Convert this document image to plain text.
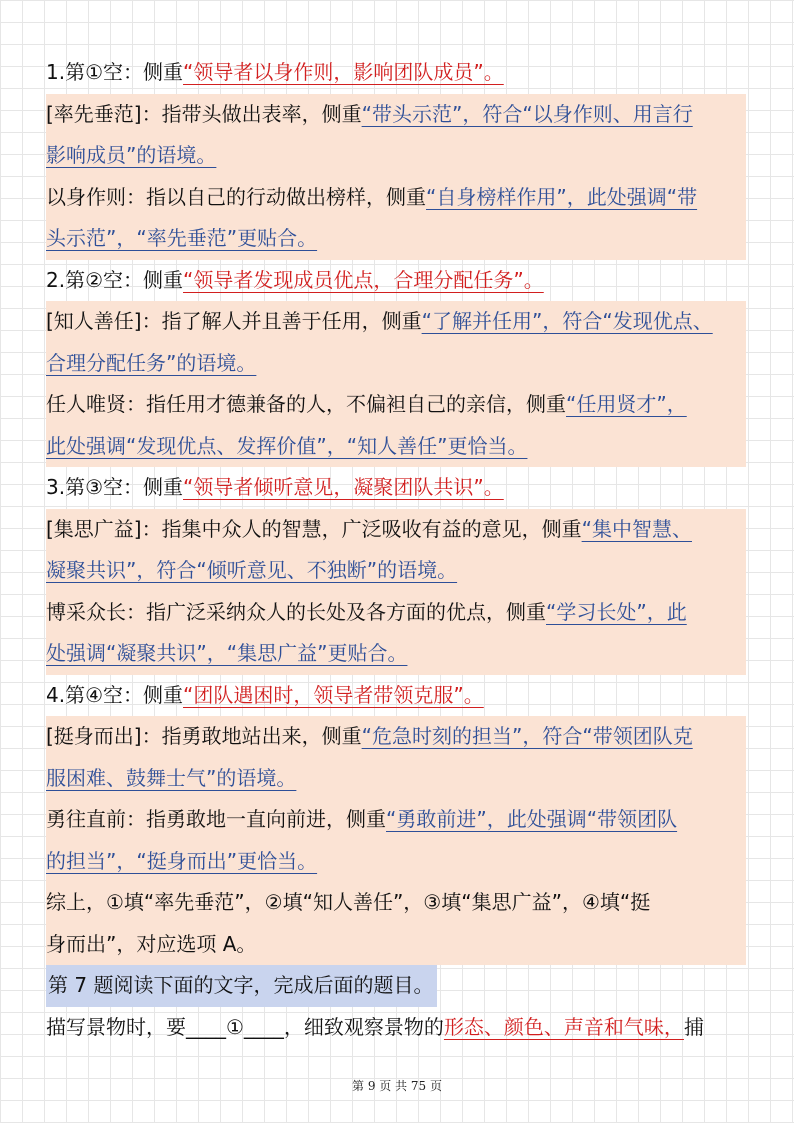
1.第①空：侧重“领导者以身作则，影响团队成员”。
[率先垂范]：指带头做出表率，侧重“带头示范”，符合“以身作则、用言行
影响成员”的语境。
以身作则：指以自己的行动做出榜样，侧重“自身榜样作用”，此处强调“带
头示范”，“率先垂范”更贴合。
2.第②空：侧重“领导者发现成员优点，合理分配任务”。
[知人善任]：指了解人并且善于任用，侧重“了解并任用”，符合“发现优点、
合理分配任务”的语境。
任人唯贤：指任用才德兼备的人，不偏袒自己的亲信，侧重“任用贤才”，
此处强调“发现优点、发挥价值”，“知人善任”更恰当。
3.第③空：侧重“领导者倾听意见，凝聚团队共识”。
[集思广益]：指集中众人的智慧，广泛吸收有益的意见，侧重“集中智慧、
凝聚共识”，符合“倾听意见、不独断”的语境。
博采众长：指广泛采纳众人的长处及各方面的优点，侧重“学习长处”，此
处强调“凝聚共识”，“集思广益”更贴合。
4.第④空：侧重“团队遇困时，领导者带领克服”。
[挺身而出]：指勇敢地站出来，侧重“危急时刻的担当”，符合“带领团队克
服困难、鼓舞士气”的语境。
勇往直前：指勇敢地一直向前进，侧重“勇敢前进”，此处强调“带领团队
的担当”，“挺身而出”更恰当。
综上，①填“率先垂范”，②填“知人善任”，③填“集思广益”，④填“挺
身而出”，对应选项 A。
第 7 题阅读下面的文字，完成后面的题目。
描写景物时，要____①____，细致观察景物的形态、颜色、声音和气味，捕
第 9 页 共 75 页
